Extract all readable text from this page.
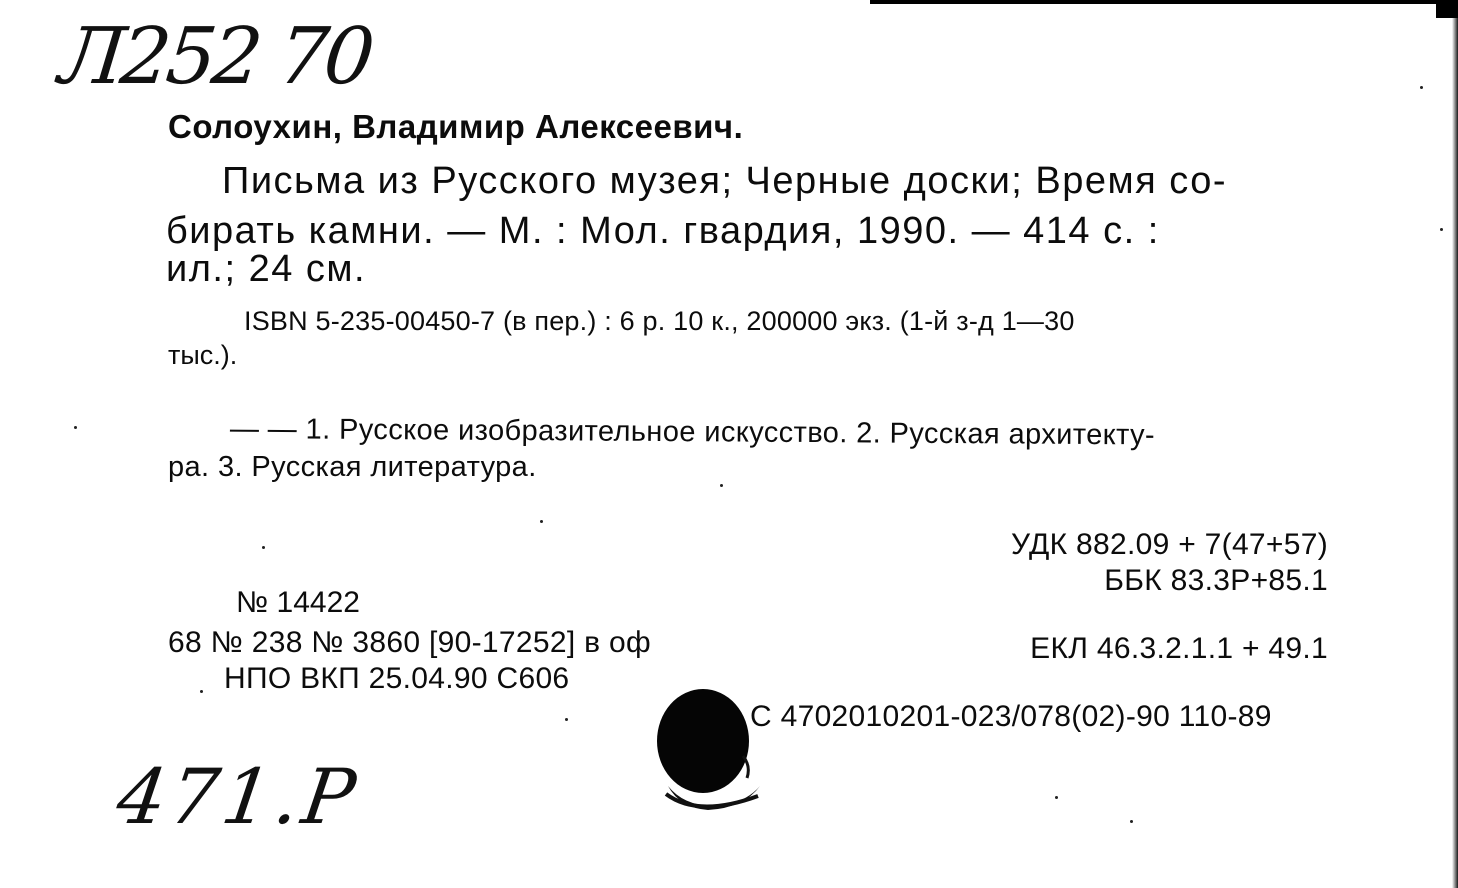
Л252 70
Солоухин, Владимир Алексеевич.
Письма из Русского музея; Черные доски; Время со-
бирать камни. — М. : Мол. гвардия, 1990. — 414 с. :
ил.; 24 см.
ISBN 5-235-00450-7 (в пер.) : 6 р. 10 к., 200000 экз. (1-й з-д 1—30
тыс.).
— — 1. Русское изобразительное искусство. 2. Русская архитекту-
ра. 3. Русская литература.
УДК 882.09 + 7(47+57)
ББК 83.3Р+85.1
№ 14422
68 № 238 № 3860 [90-17252] в оф
НПО ВКП 25.04.90 С606
ЕКЛ 46.3.2.1.1 + 49.1
С 4702010201-023/078(02)-90 110-89
471.Р
